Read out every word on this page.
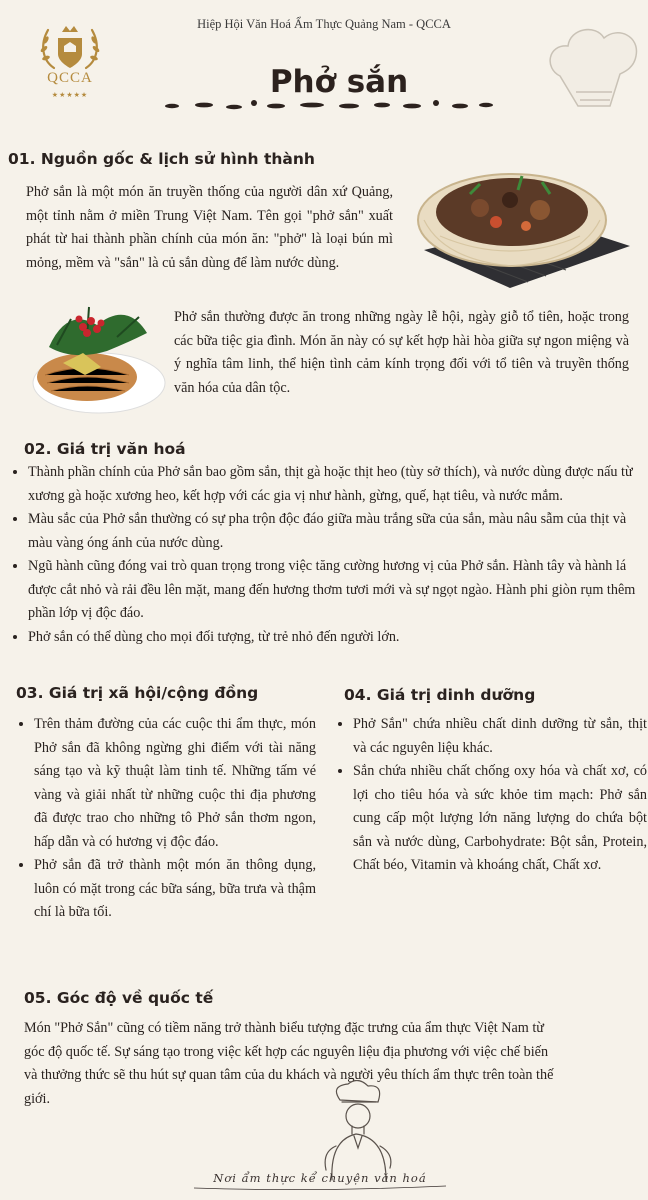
Hiệp Hội Văn Hoá Ẩm Thực Quảng Nam - QCCA
QCCA
★★★★★	Phở sắn
01. Nguồn gốc & lịch sử hình thành

Phở sắn là một món ăn truyền thống của người dân xứ Quảng, một tỉnh nằm ở miền Trung Việt Nam. Tên gọi "phở sắn" xuất phát từ hai thành phần chính của món ăn: "phở" là loại bún mì mỏng, mềm và "sắn" là củ sắn dùng để làm nước dùng.

Phở sắn thường được ăn trong những ngày lễ hội, ngày giỗ tổ tiên, hoặc trong các bữa tiệc gia đình. Món ăn này có sự kết hợp hài hòa giữa sự ngon miệng và ý nghĩa tâm linh, thể hiện tình cảm kính trọng đối với tổ tiên và truyền thống văn hóa của dân tộc.

02. Giá trị văn hoá
• Thành phần chính của Phở sắn bao gồm sắn, thịt gà hoặc thịt heo (tùy sở thích), và nước dùng được nấu từ xương gà hoặc xương heo, kết hợp với các gia vị như hành, gừng, quế, hạt tiêu, và nước mắm.
• Màu sắc của Phở sắn thường có sự pha trộn độc đáo giữa màu trắng sữa của sắn, màu nâu sẫm của thịt và màu vàng óng ánh của nước dùng.
• Ngũ hành cũng đóng vai trò quan trọng trong việc tăng cường hương vị của Phở sắn. Hành tây và hành lá được cắt nhỏ và rải đều lên mặt, mang đến hương thơm tươi mới và sự ngọt ngào. Hành phi giòn rụm thêm phần lớp vị độc đáo.
• Phở sắn có thể dùng cho mọi đối tượng, từ trẻ nhỏ đến người lớn.
03. Giá trị xã hội/cộng đồng
• Trên thảm đường của các cuộc thi ẩm thực, món Phở sắn đã không ngừng ghi điểm với tài năng sáng tạo và kỹ thuật làm tinh tế. Những tấm vé vàng và giải nhất từ những cuộc thi địa phương đã được trao cho những tô Phở sắn thơm ngon, hấp dẫn và có hương vị độc đáo.
• Phở sắn đã trở thành một món ăn thông dụng, luôn có mặt trong các bữa sáng, bữa trưa và thậm chí là bữa tối.
04. Giá trị dinh dưỡng
• Phở Sắn" chứa nhiều chất dinh dưỡng từ sắn, thịt và các nguyên liệu khác.
• Sắn chứa nhiều chất chống oxy hóa và chất xơ, có lợi cho tiêu hóa và sức khỏe tim mạch: Phở sắn cung cấp một lượng lớn năng lượng do chứa bột sắn và nước dùng, Carbohydrate: Bột sắn, Protein, Chất béo, Vitamin và khoáng chất, Chất xơ.
05. Góc độ về quốc tế

Món "Phở Sắn" cũng có tiềm năng trở thành biểu tượng đặc trưng của ẩm thực Việt Nam từ góc độ quốc tế. Sự sáng tạo trong việc kết hợp các nguyên liệu địa phương với việc chế biến và thưởng thức sẽ thu hút sự quan tâm của du khách và người yêu thích ẩm thực trên toàn thế giới.

Nơi ẩm thực kể chuyện văn hoá
